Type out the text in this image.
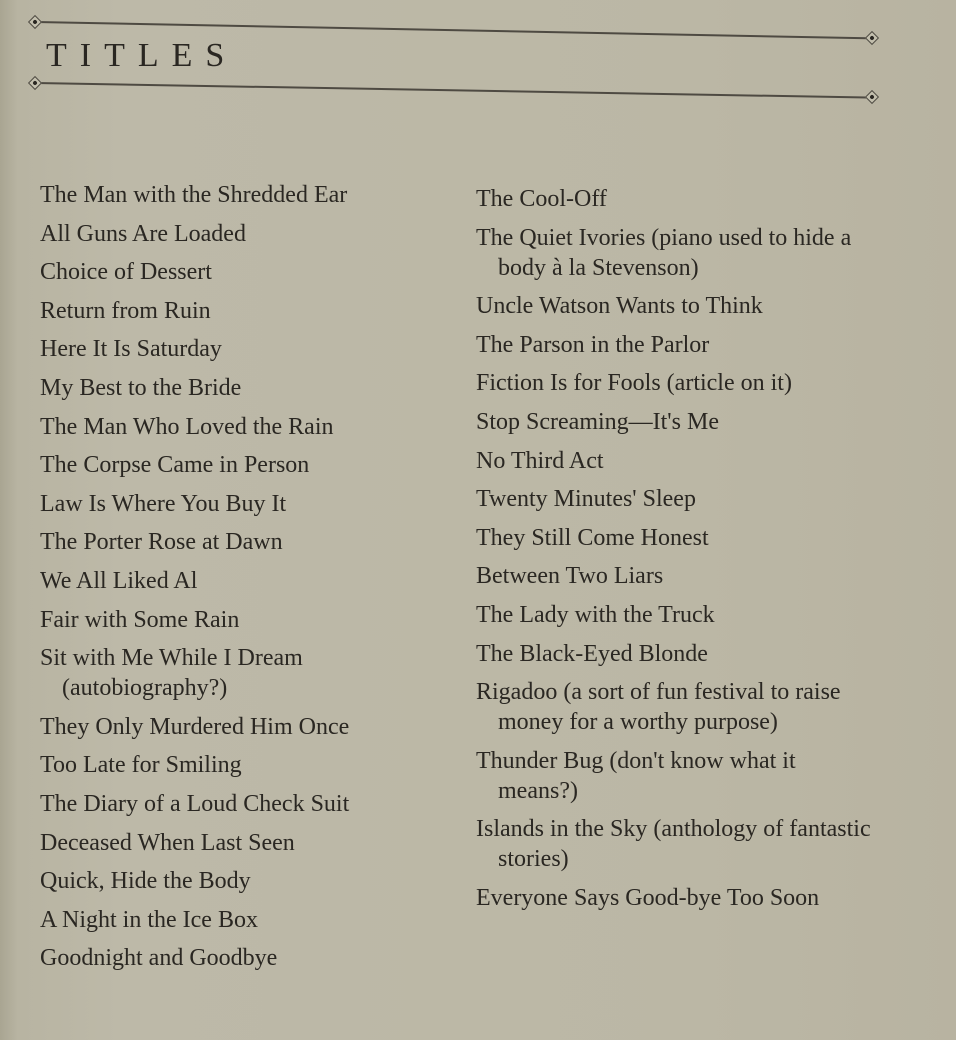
TITLES
The Man with the Shredded Ear
All Guns Are Loaded
Choice of Dessert
Return from Ruin
Here It Is Saturday
My Best to the Bride
The Man Who Loved the Rain
The Corpse Came in Person
Law Is Where You Buy It
The Porter Rose at Dawn
We All Liked Al
Fair with Some Rain
Sit with Me While I Dream (autobiography?)
They Only Murdered Him Once
Too Late for Smiling
The Diary of a Loud Check Suit
Deceased When Last Seen
Quick, Hide the Body
A Night in the Ice Box
Goodnight and Goodbye
The Cool-Off
The Quiet Ivories (piano used to hide a body à la Stevenson)
Uncle Watson Wants to Think
The Parson in the Parlor
Fiction Is for Fools (article on it)
Stop Screaming—It's Me
No Third Act
Twenty Minutes' Sleep
They Still Come Honest
Between Two Liars
The Lady with the Truck
The Black-Eyed Blonde
Rigadoo (a sort of fun festival to raise money for a worthy purpose)
Thunder Bug (don't know what it means?)
Islands in the Sky (anthology of fantastic stories)
Everyone Says Good-bye Too Soon
